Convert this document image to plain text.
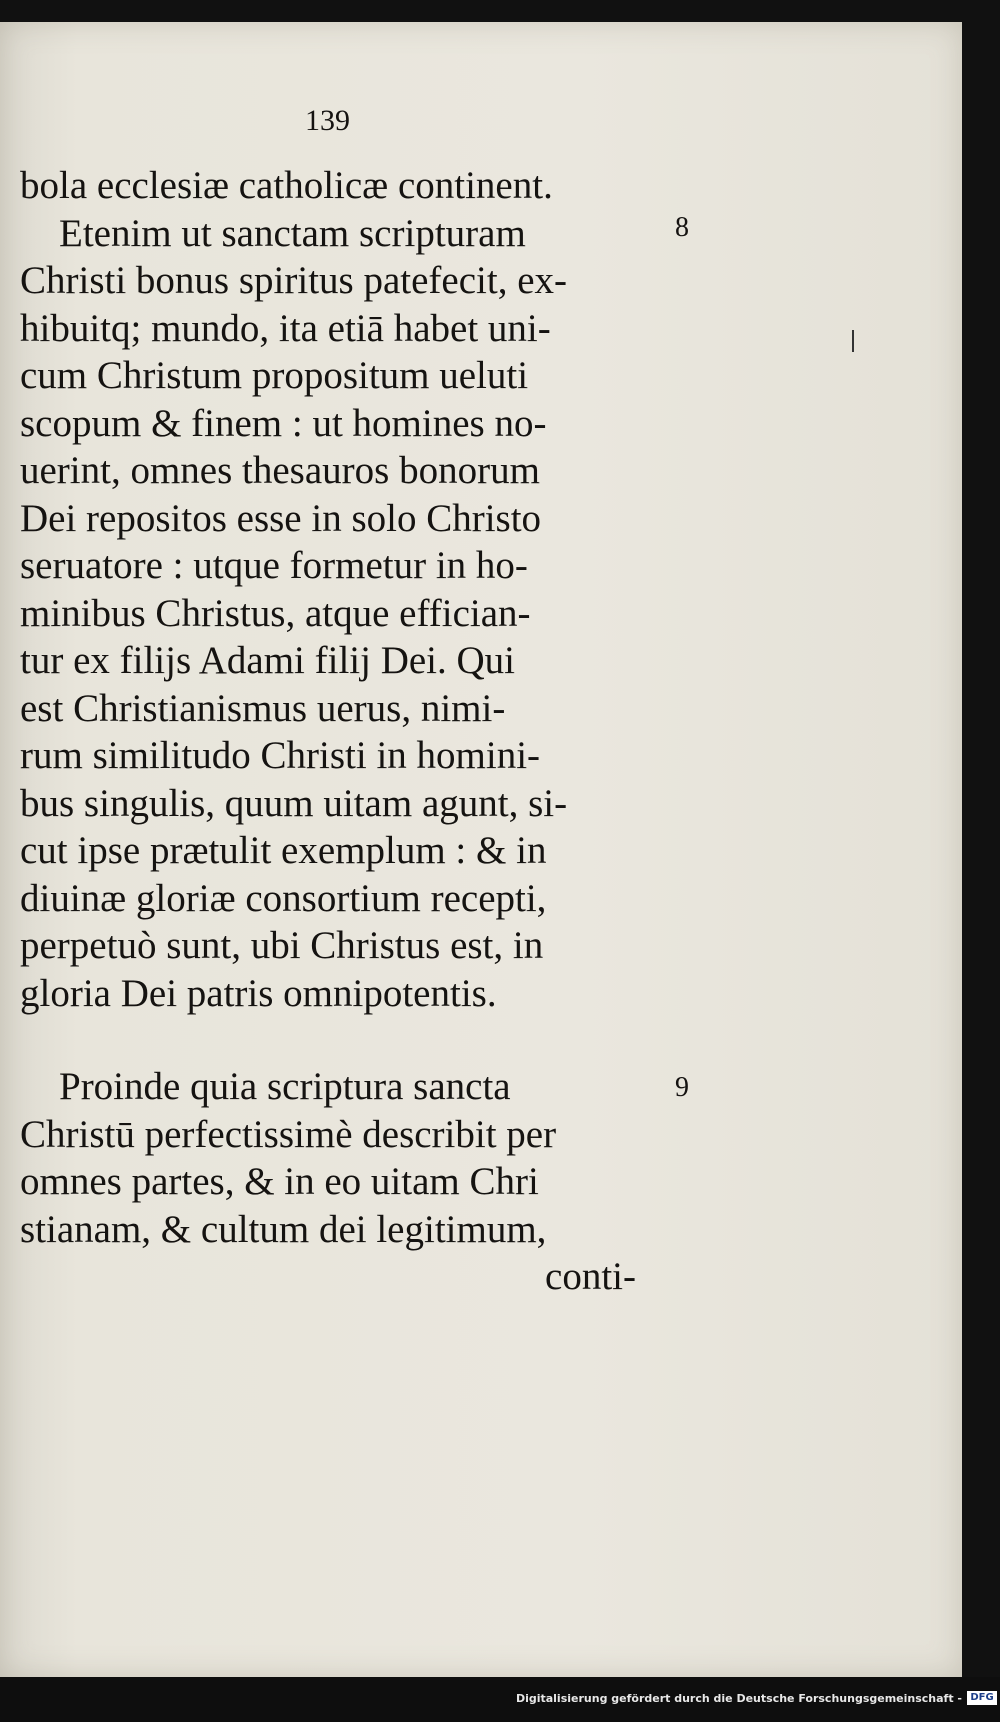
139
bola ecclesiæ catholicæ continent.
Etenim ut sanctam scripturam
Christi bonus spiritus patefecit, ex-
hibuitq; mundo, ita etiā habet uni-
cum Christum propositum ueluti
scopum & finem : ut homines no-
uerint, omnes thesauros bonorum
Dei repositos esse in solo Christo
seruatore : utque formetur in ho-
minibus Christus, atque effician-
tur ex filijs Adami filij Dei. Qui
est Christianismus uerus, nimi-
rum similitudo Christi in homini-
bus singulis, quum uitam agunt, si-
cut ipse prætulit exemplum : & in
diuinæ gloriæ consortium recepti,
perpetuò sunt, ubi Christus est, in
gloria Dei patris omnipotentis.
Proinde quia scriptura sancta
Christū perfectissimè describit per
omnes partes, & in eo uitam Chri
stianam, & cultum dei legitimum,
conti-
8
9
Digitalisierung gefördert durch die Deutsche Forschungsgemeinschaft - DFG
